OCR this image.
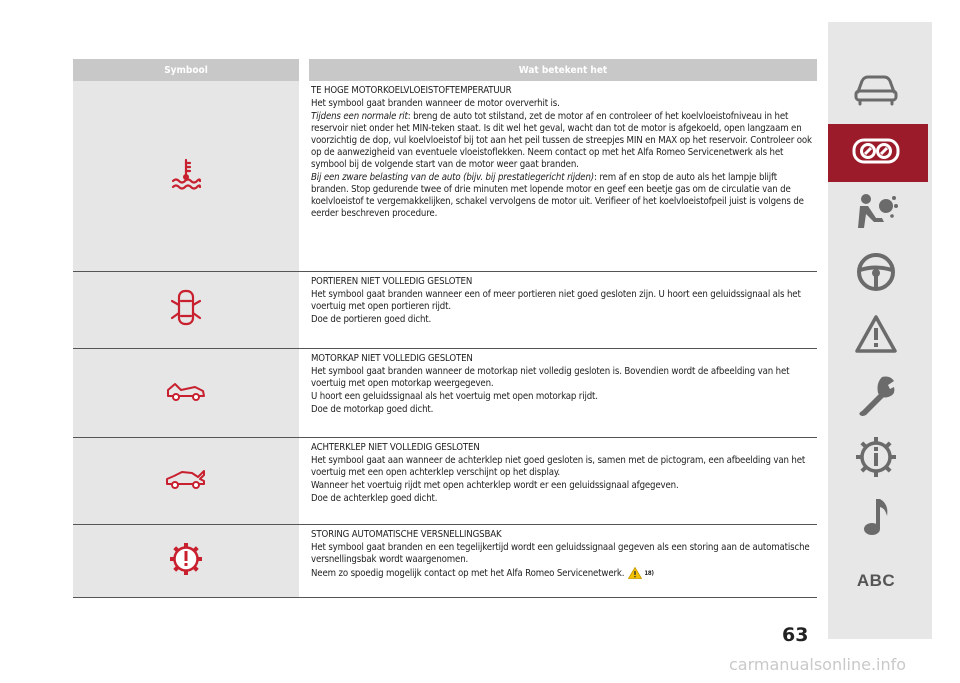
Symbool	Wat betekent het

TE HOGE MOTORKOELVLOEISTOFTEMPERATUUR

Het symbool gaat branden wanneer de motor oververhit is.

Tijdens een normale rit: breng de auto tot stilstand, zet de motor af en controleer of het koelvloeistofniveau in het reservoir niet onder het MIN-teken staat. Is dit wel het geval, wacht dan tot de motor is afgekoeld, open langzaam en voorzichtig de dop, vul koelvloeistof bij tot aan het peil tussen de streepjes MIN en MAX op het reservoir. Controleer ook op de aanwezigheid van eventuele vloeistoflekken. Neem contact op met het Alfa Romeo Servicenetwerk als het symbool bij de volgende start van de motor weer gaat branden.

Bij een zware belasting van de auto (bijv. bij prestatiegericht rijden): rem af en stop de auto als het lampje blijft branden. Stop gedurende twee of drie minuten met lopende motor en geef een beetje gas om de circulatie van de koelvloeistof te vergemakkelijken, schakel vervolgens de motor uit. Verifieer of het koelvloeistofpeil juist is volgens de eerder beschreven procedure.

PORTIEREN NIET VOLLEDIG GESLOTEN

Het symbool gaat branden wanneer een of meer portieren niet goed gesloten zijn. U hoort een geluidssignaal als het voertuig met open portieren rijdt.

Doe de portieren goed dicht.

MOTORKAP NIET VOLLEDIG GESLOTEN

Het symbool gaat branden wanneer de motorkap niet volledig gesloten is. Bovendien wordt de afbeelding van het voertuig met open motorkap weergegeven.

U hoort een geluidssignaal als het voertuig met open motorkap rijdt.

Doe de motorkap goed dicht.

ACHTERKLEP NIET VOLLEDIG GESLOTEN

Het symbool gaat aan wanneer de achterklep niet goed gesloten is, samen met de pictogram, een afbeelding van het voertuig met een open achterklep verschijnt op het display.

Wanneer het voertuig rijdt met open achterklep wordt er een geluidssignaal afgegeven.

Doe de achterklep goed dicht.

STORING AUTOMATISCHE VERSNELLINGSBAK

Het symbool gaat branden en een tegelijkertijd wordt een geluidssignaal gegeven als een storing aan de automatische versnellingsbak wordt waargenomen.

Neem zo spoedig mogelijk contact op met het Alfa Romeo Servicenetwerk.	18)	ABC
63
carmanualsonline.info
